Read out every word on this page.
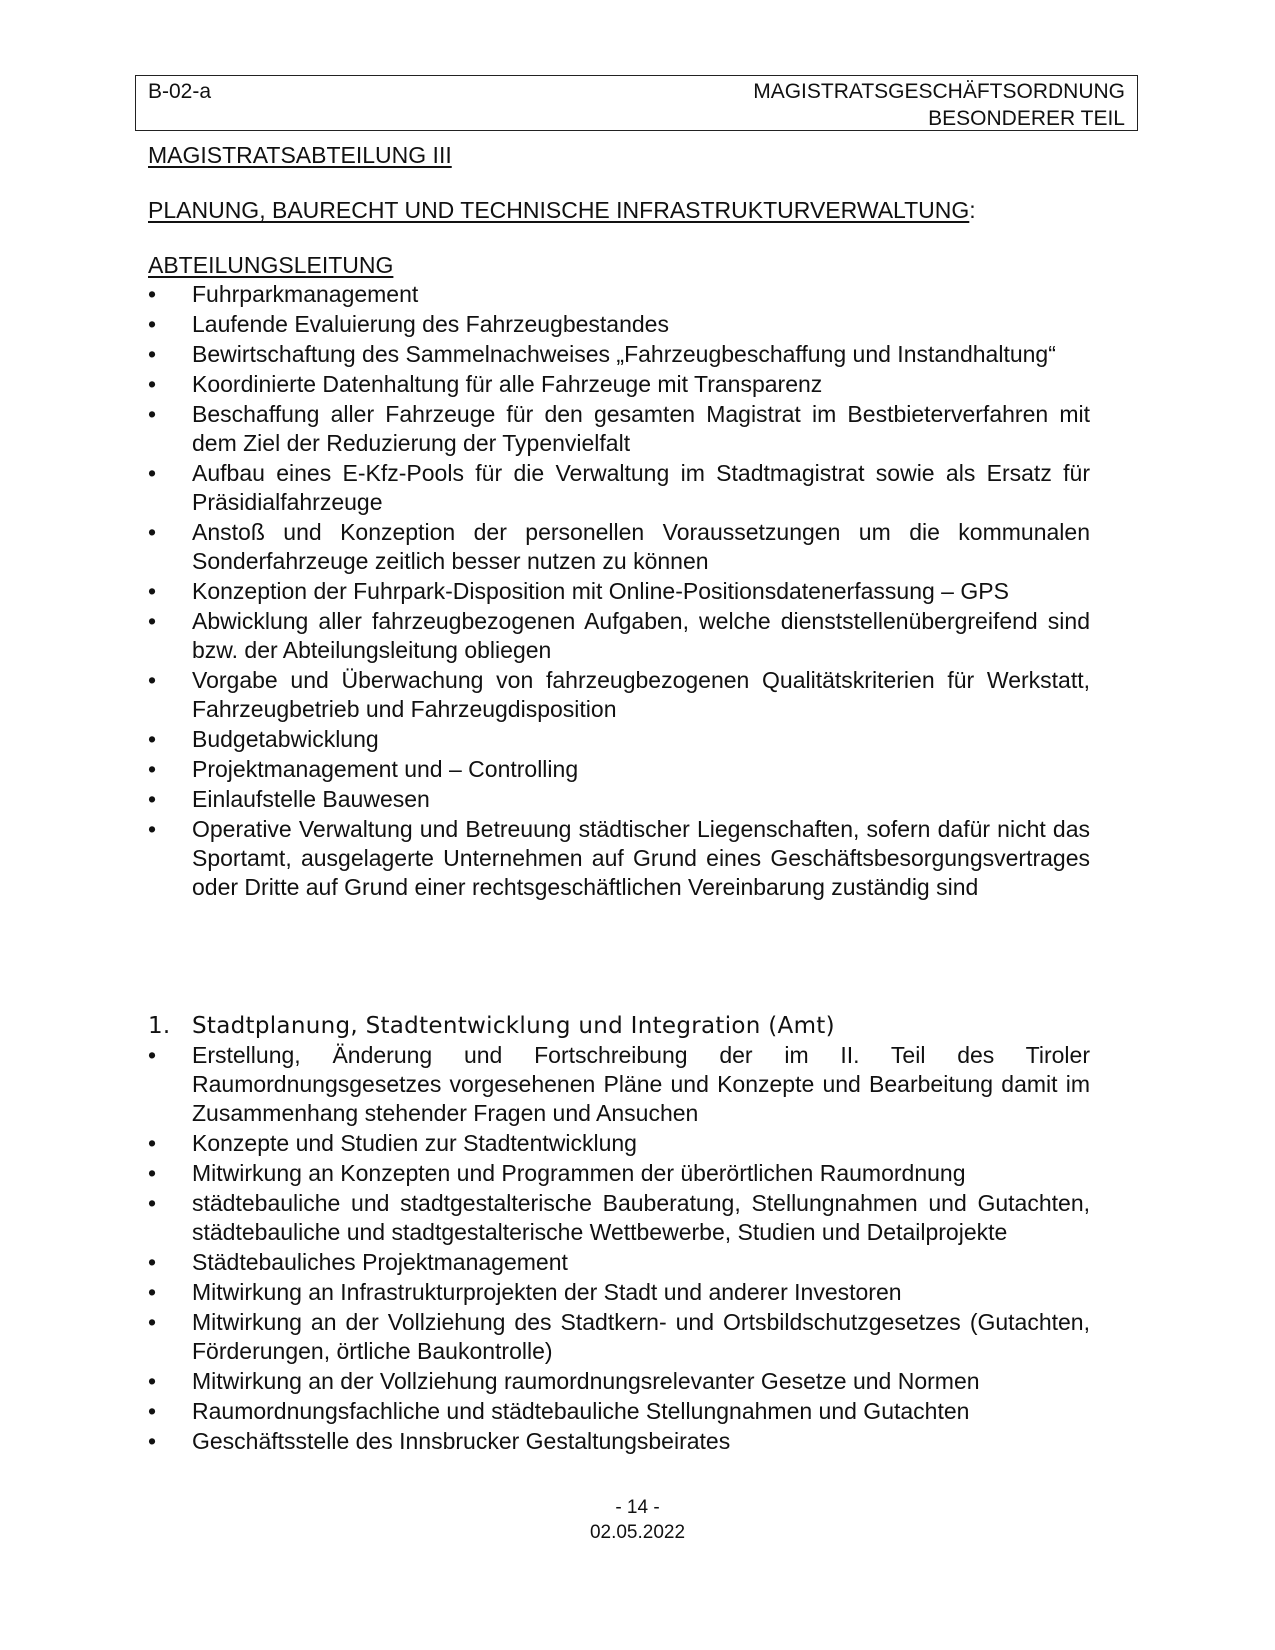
B-02-a	MAGISTRATSGESCHÄFTSORDNUNG
BESONDERER TEIL
MAGISTRATSABTEILUNG III
PLANUNG, BAURECHT UND TECHNISCHE INFRASTRUKTURVERWALTUNG:
ABTEILUNGSLEITUNG
• Fuhrparkmanagement
• Laufende Evaluierung des Fahrzeugbestandes
• Bewirtschaftung des Sammelnachweises „Fahrzeugbeschaffung und Instandhaltung“
• Koordinierte Datenhaltung für alle Fahrzeuge mit Transparenz
• Beschaffung aller Fahrzeuge für den gesamten Magistrat im Bestbieterverfahren mit dem Ziel der Reduzierung der Typenvielfalt
• Aufbau eines E-Kfz-Pools für die Verwaltung im Stadtmagistrat sowie als Ersatz für Präsidialfahrzeuge
• Anstoß und Konzeption der personellen Voraussetzungen um die kommunalen Sonderfahrzeuge zeitlich besser nutzen zu können
• Konzeption der Fuhrpark-Disposition mit Online-Positionsdatenerfassung – GPS
• Abwicklung aller fahrzeugbezogenen Aufgaben, welche dienststellenübergreifend sind bzw. der Abteilungsleitung obliegen
• Vorgabe und Überwachung von fahrzeugbezogenen Qualitätskriterien für Werkstatt, Fahrzeugbetrieb und Fahrzeugdisposition
• Budgetabwicklung
• Projektmanagement und – Controlling
• Einlaufstelle Bauwesen
• Operative Verwaltung und Betreuung städtischer Liegenschaften, sofern dafür nicht das Sportamt, ausgelagerte Unternehmen auf Grund eines Geschäftsbesorgungsvertrages oder Dritte auf Grund einer rechtsgeschäftlichen Vereinbarung zuständig sind
1. Stadtplanung, Stadtentwicklung und Integration (Amt)
• Erstellung, Änderung und Fortschreibung der im II. Teil des Tiroler Raumordnungsgesetzes vorgesehenen Pläne und Konzepte und Bearbeitung damit im Zusammenhang stehender Fragen und Ansuchen
• Konzepte und Studien zur Stadtentwicklung
• Mitwirkung an Konzepten und Programmen der überörtlichen Raumordnung
• städtebauliche und stadtgestalterische Bauberatung, Stellungnahmen und Gutachten, städtebauliche und stadtgestalterische Wettbewerbe, Studien und Detailprojekte
• Städtebauliches Projektmanagement
• Mitwirkung an Infrastrukturprojekten der Stadt und anderer Investoren
• Mitwirkung an der Vollziehung des Stadtkern- und Ortsbildschutzgesetzes (Gutachten, Förderungen, örtliche Baukontrolle)
• Mitwirkung an der Vollziehung raumordnungsrelevanter Gesetze und Normen
• Raumordnungsfachliche und städtebauliche Stellungnahmen und Gutachten
• Geschäftsstelle des Innsbrucker Gestaltungsbeirates
- 14 -
02.05.2022
